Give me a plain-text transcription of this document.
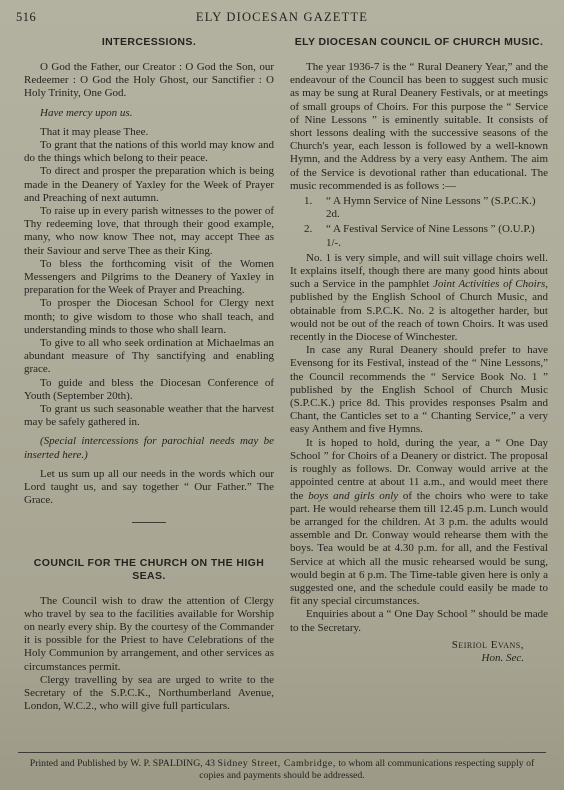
516	ELY DIOCESAN GAZETTE
INTERCESSIONS.

O God the Father, our Creator : O God the Son, our Redeemer : O God the Holy Ghost, our Sanctifier : O Holy Trinity, One God.

Have mercy upon us.

That it may please Thee.

To grant that the nations of this world may know and do the things which belong to their peace.

To direct and prosper the preparation which is being made in the Deanery of Yaxley for the Week of Prayer and Preaching of next autumn.

To raise up in every parish witnesses to the power of Thy redeeming love, that through their good example, many, who now know Thee not, may accept Thee as their Saviour and serve Thee as their King.

To bless the forthcoming visit of the Women Messengers and Pilgrims to the Deanery of Yaxley in preparation for the Week of Prayer and Preaching.

To prosper the Diocesan School for Clergy next month; to give wisdom to those who shall teach, and understanding minds to those who shall learn.

To give to all who seek ordination at Michaelmas an abundant measure of Thy sanctifying and enabling grace.

To guide and bless the Diocesan Conference of Youth (September 20th).

To grant us such seasonable weather that the harvest may be safely gathered in.

(Special intercessions for parochial needs may be inserted here.)

Let us sum up all our needs in the words which our Lord taught us, and say together “ Our Father.” The Grace.

COUNCIL FOR THE CHURCH ON THE HIGH SEAS.

The Council wish to draw the attention of Clergy who travel by sea to the facilities available for Worship on nearly every ship. By the courtesy of the Commander it is possible for the Priest to have Celebrations of the Holy Communion by arrangement, and other services as circumstances permit.

Clergy travelling by sea are urged to write to the Secretary of the S.P.C.K., Northumberland Avenue, London, W.C.2., who will give full particulars.

ELY DIOCESAN COUNCIL OF CHURCH MUSIC.

The year 1936-7 is the “ Rural Deanery Year,” and the endeavour of the Council has been to suggest such music as may be sung at Rural Deanery Festivals, or at meetings of small groups of Choirs. For this purpose the “ Service of Nine Lessons ” is eminently suitable. It consists of short lessons dealing with the successive seasons of the Church's year, each lesson is followed by a well-known Hymn, and the Address by a very easy Anthem. The aim of the Service is devotional rather than educational. The music recommended is as follows :—

1.	“ A Hymn Service of Nine Lessons ” (S.P.C.K.) 2d.
2.	“ A Festival Service of Nine Lessons ” (O.U.P.) 1/-.

No. 1 is very simple, and will suit village choirs well. It explains itself, though there are many good hints about such a Service in the pamphlet Joint Activities of Choirs, published by the English School of Church Music, and obtainable from S.P.C.K. No. 2 is altogether harder, but would not be out of the reach of town Choirs. It was used recently in the Diocese of Winchester.

In case any Rural Deanery should prefer to have Evensong for its Festival, instead of the “ Nine Lessons,” the Council recommends the “ Service Book No. 1 ” published by the English School of Church Music (S.P.C.K.) price 8d. This provides responses Psalm and Chant, the Canticles set to a “ Chanting Service,” a very easy Anthem and five Hymns.

It is hoped to hold, during the year, a “ One Day School ” for Choirs of a Deanery or district. The proposal is roughly as follows. Dr. Conway would arrive at the appointed centre at about 11 a.m., and would meet there the boys and girls only of the choirs who were to take part. He would rehearse them till 12.45 p.m. Lunch would be arranged for the children. At 3 p.m. the adults would assemble and Dr. Conway would rehearse them with the boys. Tea would be at 4.30 p.m. for all, and the Festival Service at which all the music rehearsed would be sung, would begin at 6 p.m. The Time-table given here is only a suggested one, and the schedule could easily be made to fit any special circumstances.

Enquiries about a “ One Day School ” should be made to the Secretary.

Seiriol Evans,
Hon. Sec.
Printed and Published by W. P. SPALDING, 43 Sidney Street, Cambridge, to whom all communications respecting supply of copies and payments should be addressed.
